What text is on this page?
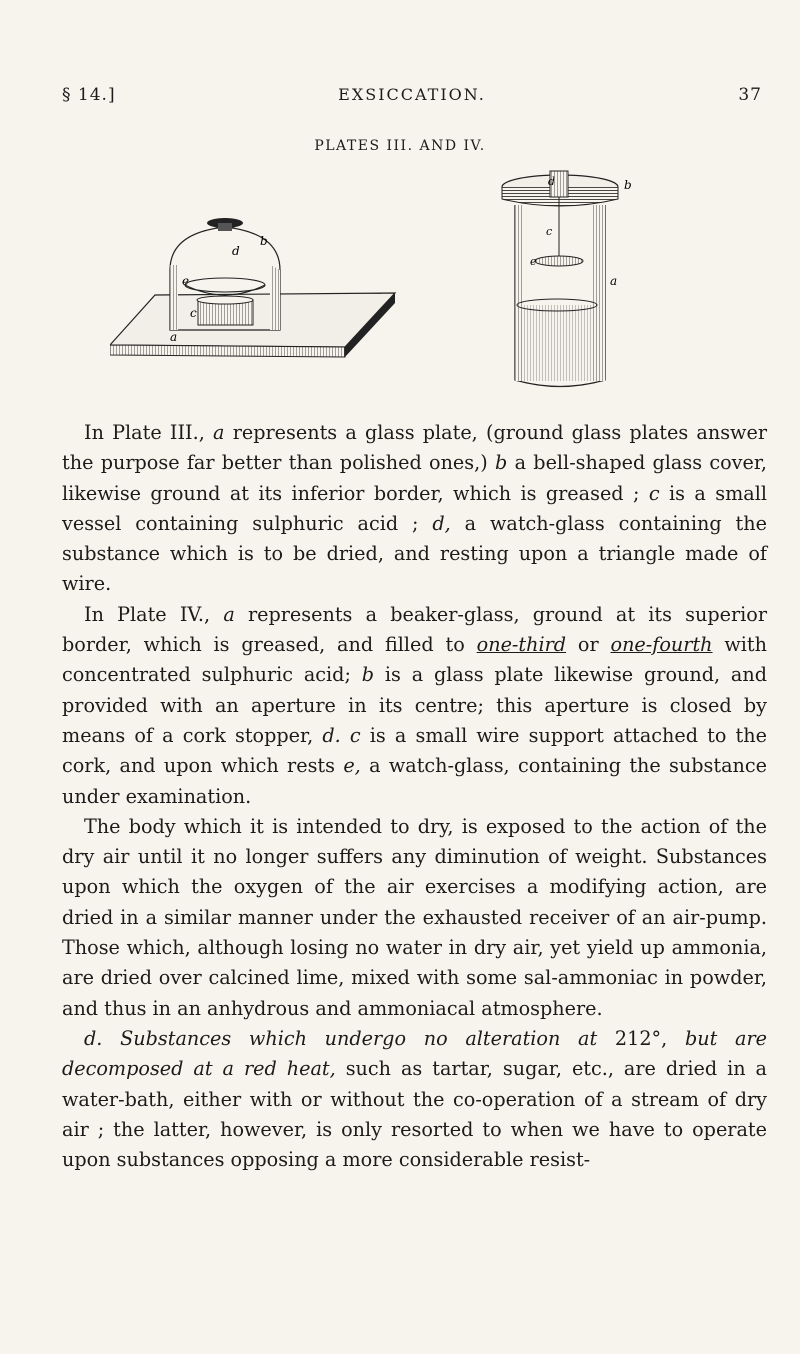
§ 14.]	EXSICCATION.	37
PLATES III. AND IV.
d
b
e
c
a
d	b
c
e
a

In Plate III., a represents a glass plate, (ground glass plates answer the purpose far better than polished ones,) b a bell-shaped glass cover, likewise ground at its inferior border, which is greased ; c is a small vessel containing sulphuric acid ; d, a watch-glass containing the substance which is to be dried, and resting upon a triangle made of wire.

In Plate IV., a represents a beaker-glass, ground at its superior border, which is greased, and filled to one-third or one-fourth with concentrated sulphuric acid; b is a glass plate likewise ground, and provided with an aperture in its centre; this aperture is closed by means of a cork stopper, d. c is a small wire support attached to the cork, and upon which rests e, a watch-glass, containing the substance under examination.

The body which it is intended to dry, is exposed to the action of the dry air until it no longer suffers any diminution of weight. Substances upon which the oxygen of the air exercises a modifying action, are dried in a similar manner under the exhausted receiver of an air-pump. Those which, although losing no water in dry air, yet yield up ammonia, are dried over calcined lime, mixed with some sal-ammoniac in powder, and thus in an anhydrous and ammoniacal atmosphere.

d. Substances which undergo no alteration at 212°, but are decomposed at a red heat, such as tartar, sugar, etc., are dried in a water-bath, either with or without the co-operation of a stream of dry air ; the latter, however, is only resorted to when we have to operate upon substances opposing a more considerable resist-
